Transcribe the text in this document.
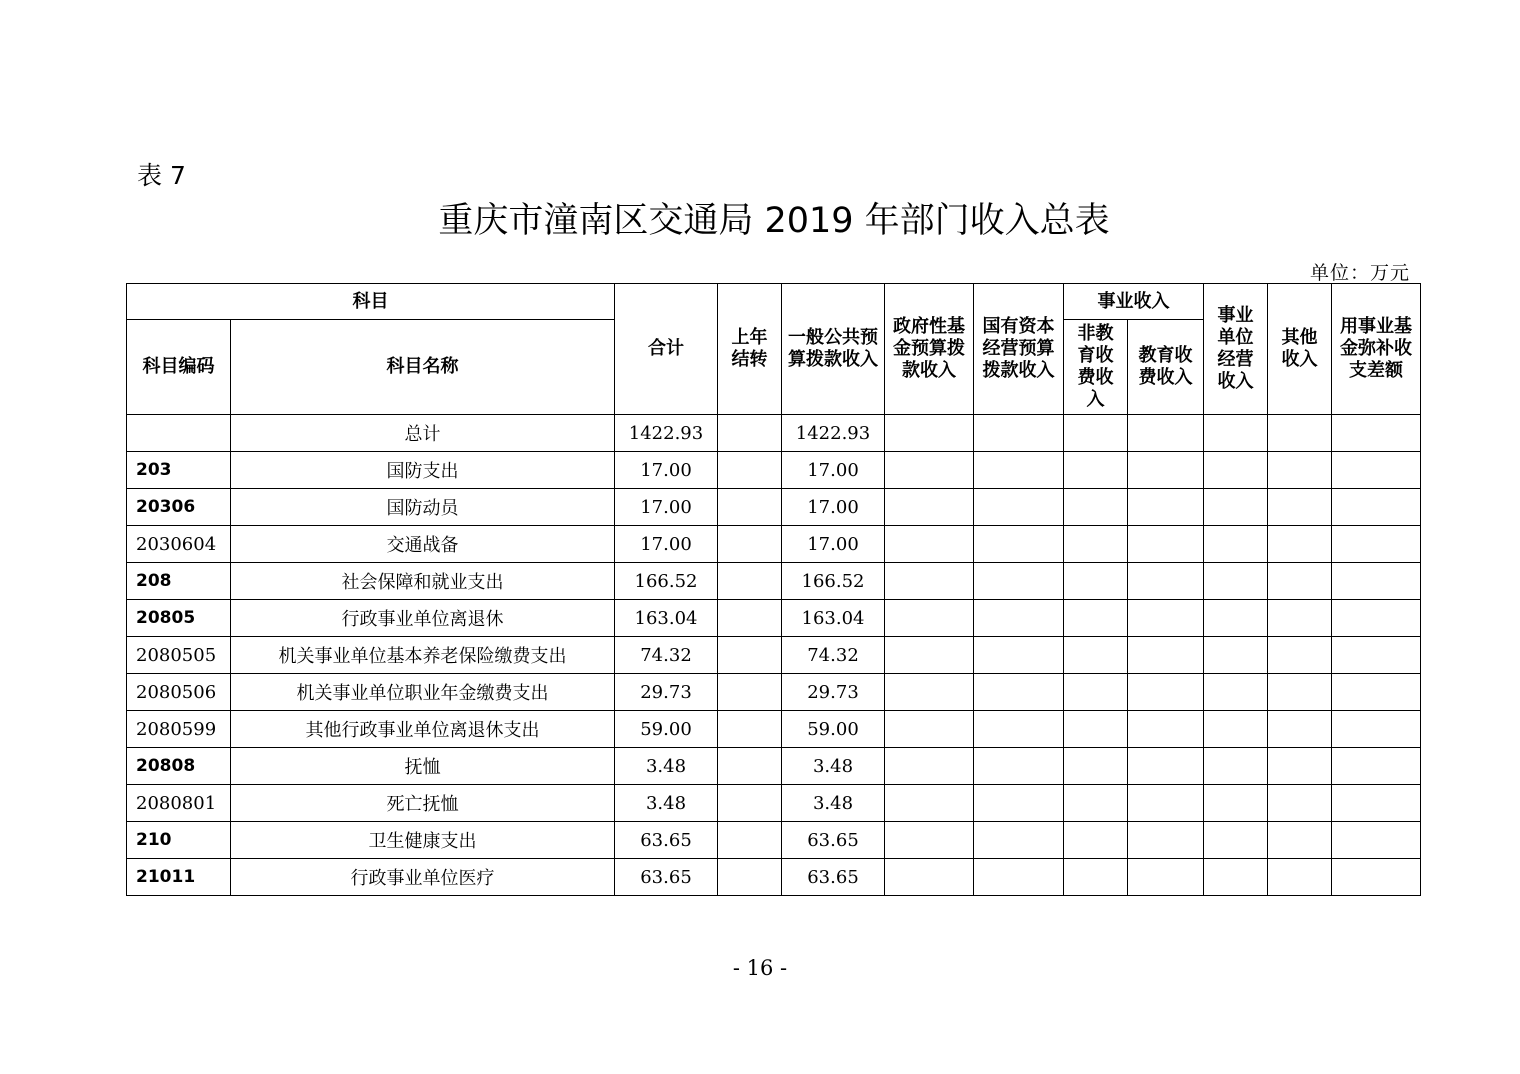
表 7
重庆市潼南区交通局 2019 年部门收入总表
单位：万元
科目		合计	上年结转	一般公共预算拨款收入	政府性基金预算拨款收入	国有资本经营预算拨款收入	事业收入		事业单位经营收入	其他收入	用事业基金弥补收支差额

科目编码	科目名称						非教育收费收入	教育收费收入			

	总计	1422.93		1422.93							
203	国防支出	17.00		17.00							
20306	国防动员	17.00		17.00							
2030604	交通战备	17.00		17.00							
208	社会保障和就业支出	166.52		166.52							
20805	行政事业单位离退休	163.04		163.04							
2080505	机关事业单位基本养老保险缴费支出	74.32		74.32							
2080506	机关事业单位职业年金缴费支出	29.73		29.73							
2080599	其他行政事业单位离退休支出	59.00		59.00							
20808	抚恤	3.48		3.48							
2080801	死亡抚恤	3.48		3.48							
210	卫生健康支出	63.65		63.65							
21011	行政事业单位医疗	63.65		63.65							
- 16 -
